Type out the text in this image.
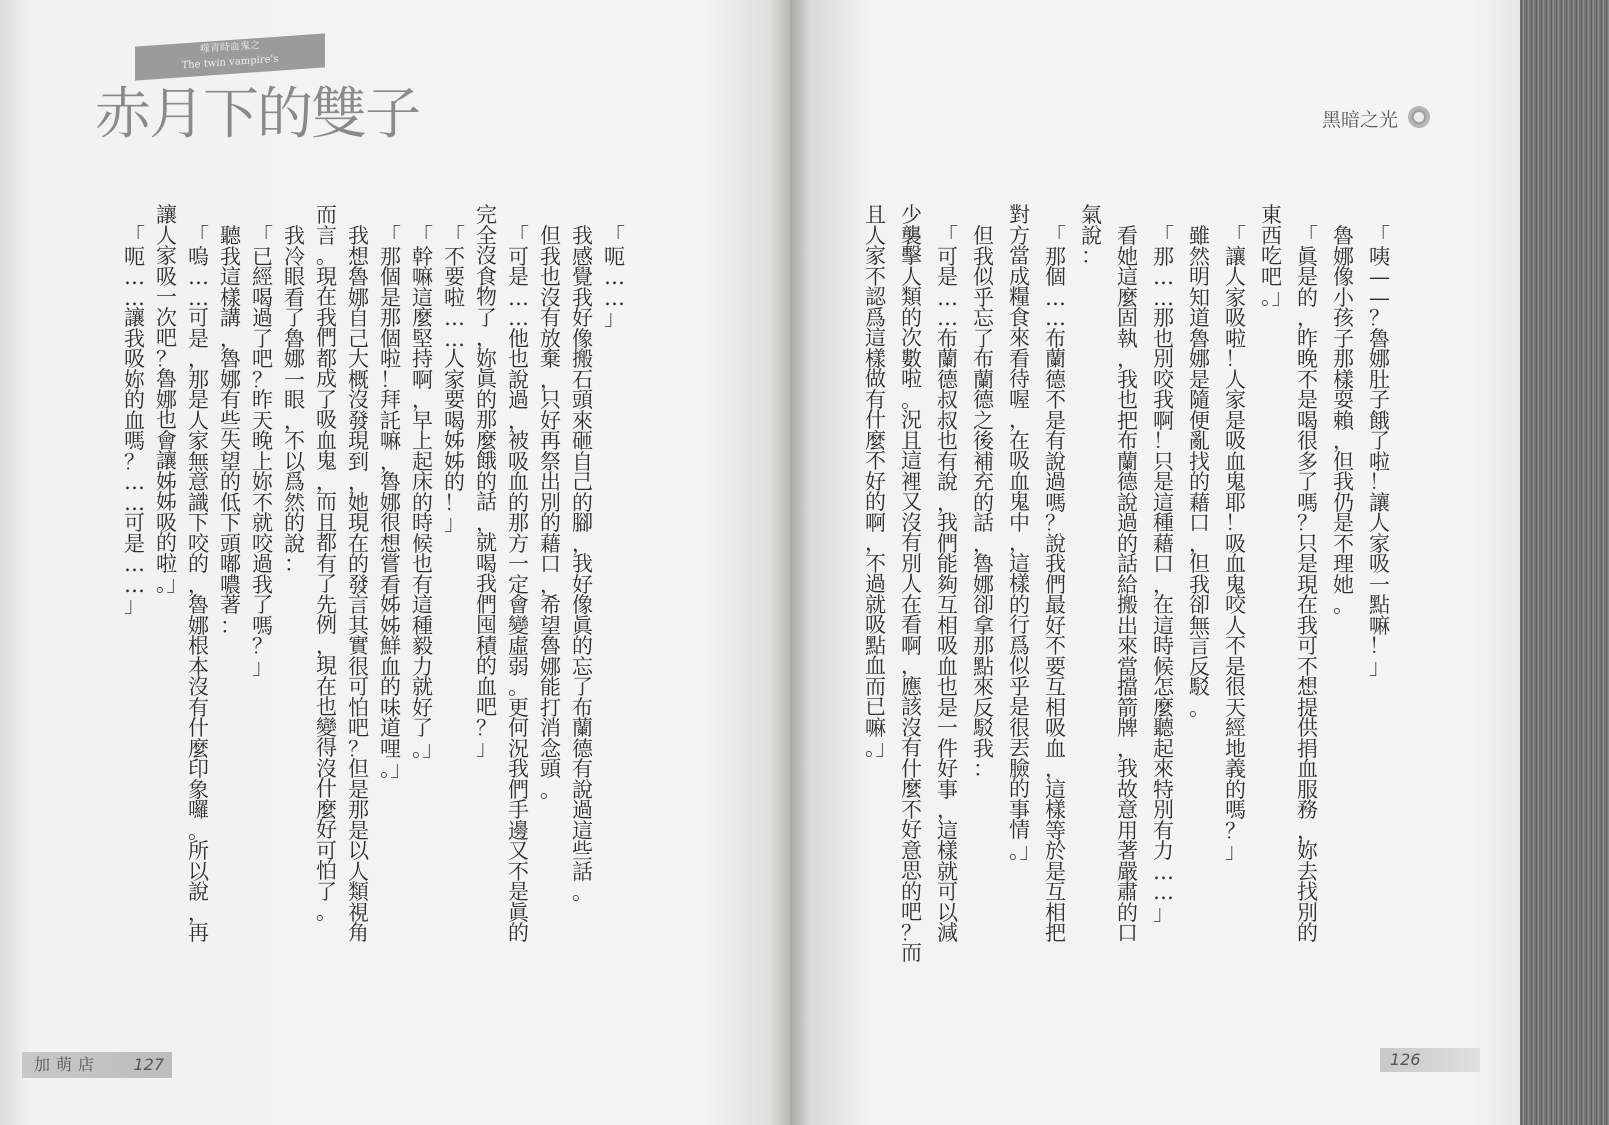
噬青時血鬼之
The twin vampire's
赤月下的雙子
「呃……」
我感覺我好像搬石頭來砸自己的腳，我好像眞的忘了布蘭德有說過這些話。
但我也沒有放棄，只好再祭出別的藉口，希望魯娜能打消念頭。
「可是……他也說過，被吸血的那方一定會變虛弱。更何況我們手邊又不是眞的
完全沒食物了，妳眞的那麼餓的話，就喝我們囤積的血吧？」
「不要啦……人家要喝姊姊的！」
「幹嘛這麼堅持啊，早上起床的時候也有這種毅力就好了。」
「那個是那個啦！拜託嘛，魯娜很想嘗看姊姊鮮血的味道哩。」
我想魯娜自己大概沒發現到，她現在的發言其實很可怕吧？但是那是以人類視角
而言。現在我們都成了吸血鬼，而且都有了先例，現在也變得沒什麼好可怕了。
我冷眼看了魯娜一眼，不以爲然的說：
「已經喝過了吧？昨天晚上妳不就咬過我了嗎？」
聽我這樣講，魯娜有些失望的低下頭嘟噥著：
「嗚……可是，那是人家無意識下咬的，魯娜根本沒有什麼印象囉。所以說，再
讓人家吸一次吧？魯娜也會讓姊姊吸的啦。」
「呃……讓我吸妳的血嗎？……可是……」
加萌店 127
「咦——？魯娜肚子餓了啦！讓人家吸一點嘛！」
魯娜像小孩子那樣耍賴，但我仍是不理她。
「眞是的，昨晚不是喝很多了嗎？只是現在我可不想提供捐血服務，妳去找別的
東西吃吧。」
「讓人家吸啦！人家是吸血鬼耶！吸血鬼咬人不是很天經地義的嗎？」
雖然明知道魯娜是隨便亂找的藉口，但我卻無言反駁。
「那……那也別咬我啊！只是這種藉口，在這時候怎麼聽起來特別有力……」
看她這麼固執，我也把布蘭德說過的話給搬出來當擋箭牌，我故意用著嚴肅的口
氣說：
「那個……布蘭德不是有說過嗎？說我們最好不要互相吸血，這樣等於是互相把
對方當成糧食來看待喔，在吸血鬼中，這樣的行爲似乎是很丟臉的事情。」
但我似乎忘了布蘭德之後補充的話，魯娜卻拿那點來反駁我：
「可是……布蘭德叔叔也有說，我們能夠互相吸血也是一件好事，這樣就可以減
少襲擊人類的次數啦。況且這裡又沒有別人在看啊，應該沒有什麼不好意思的吧？而
且人家不認爲這樣做有什麼不好的啊，不過就吸點血而已嘛。」
126
黑暗之光
